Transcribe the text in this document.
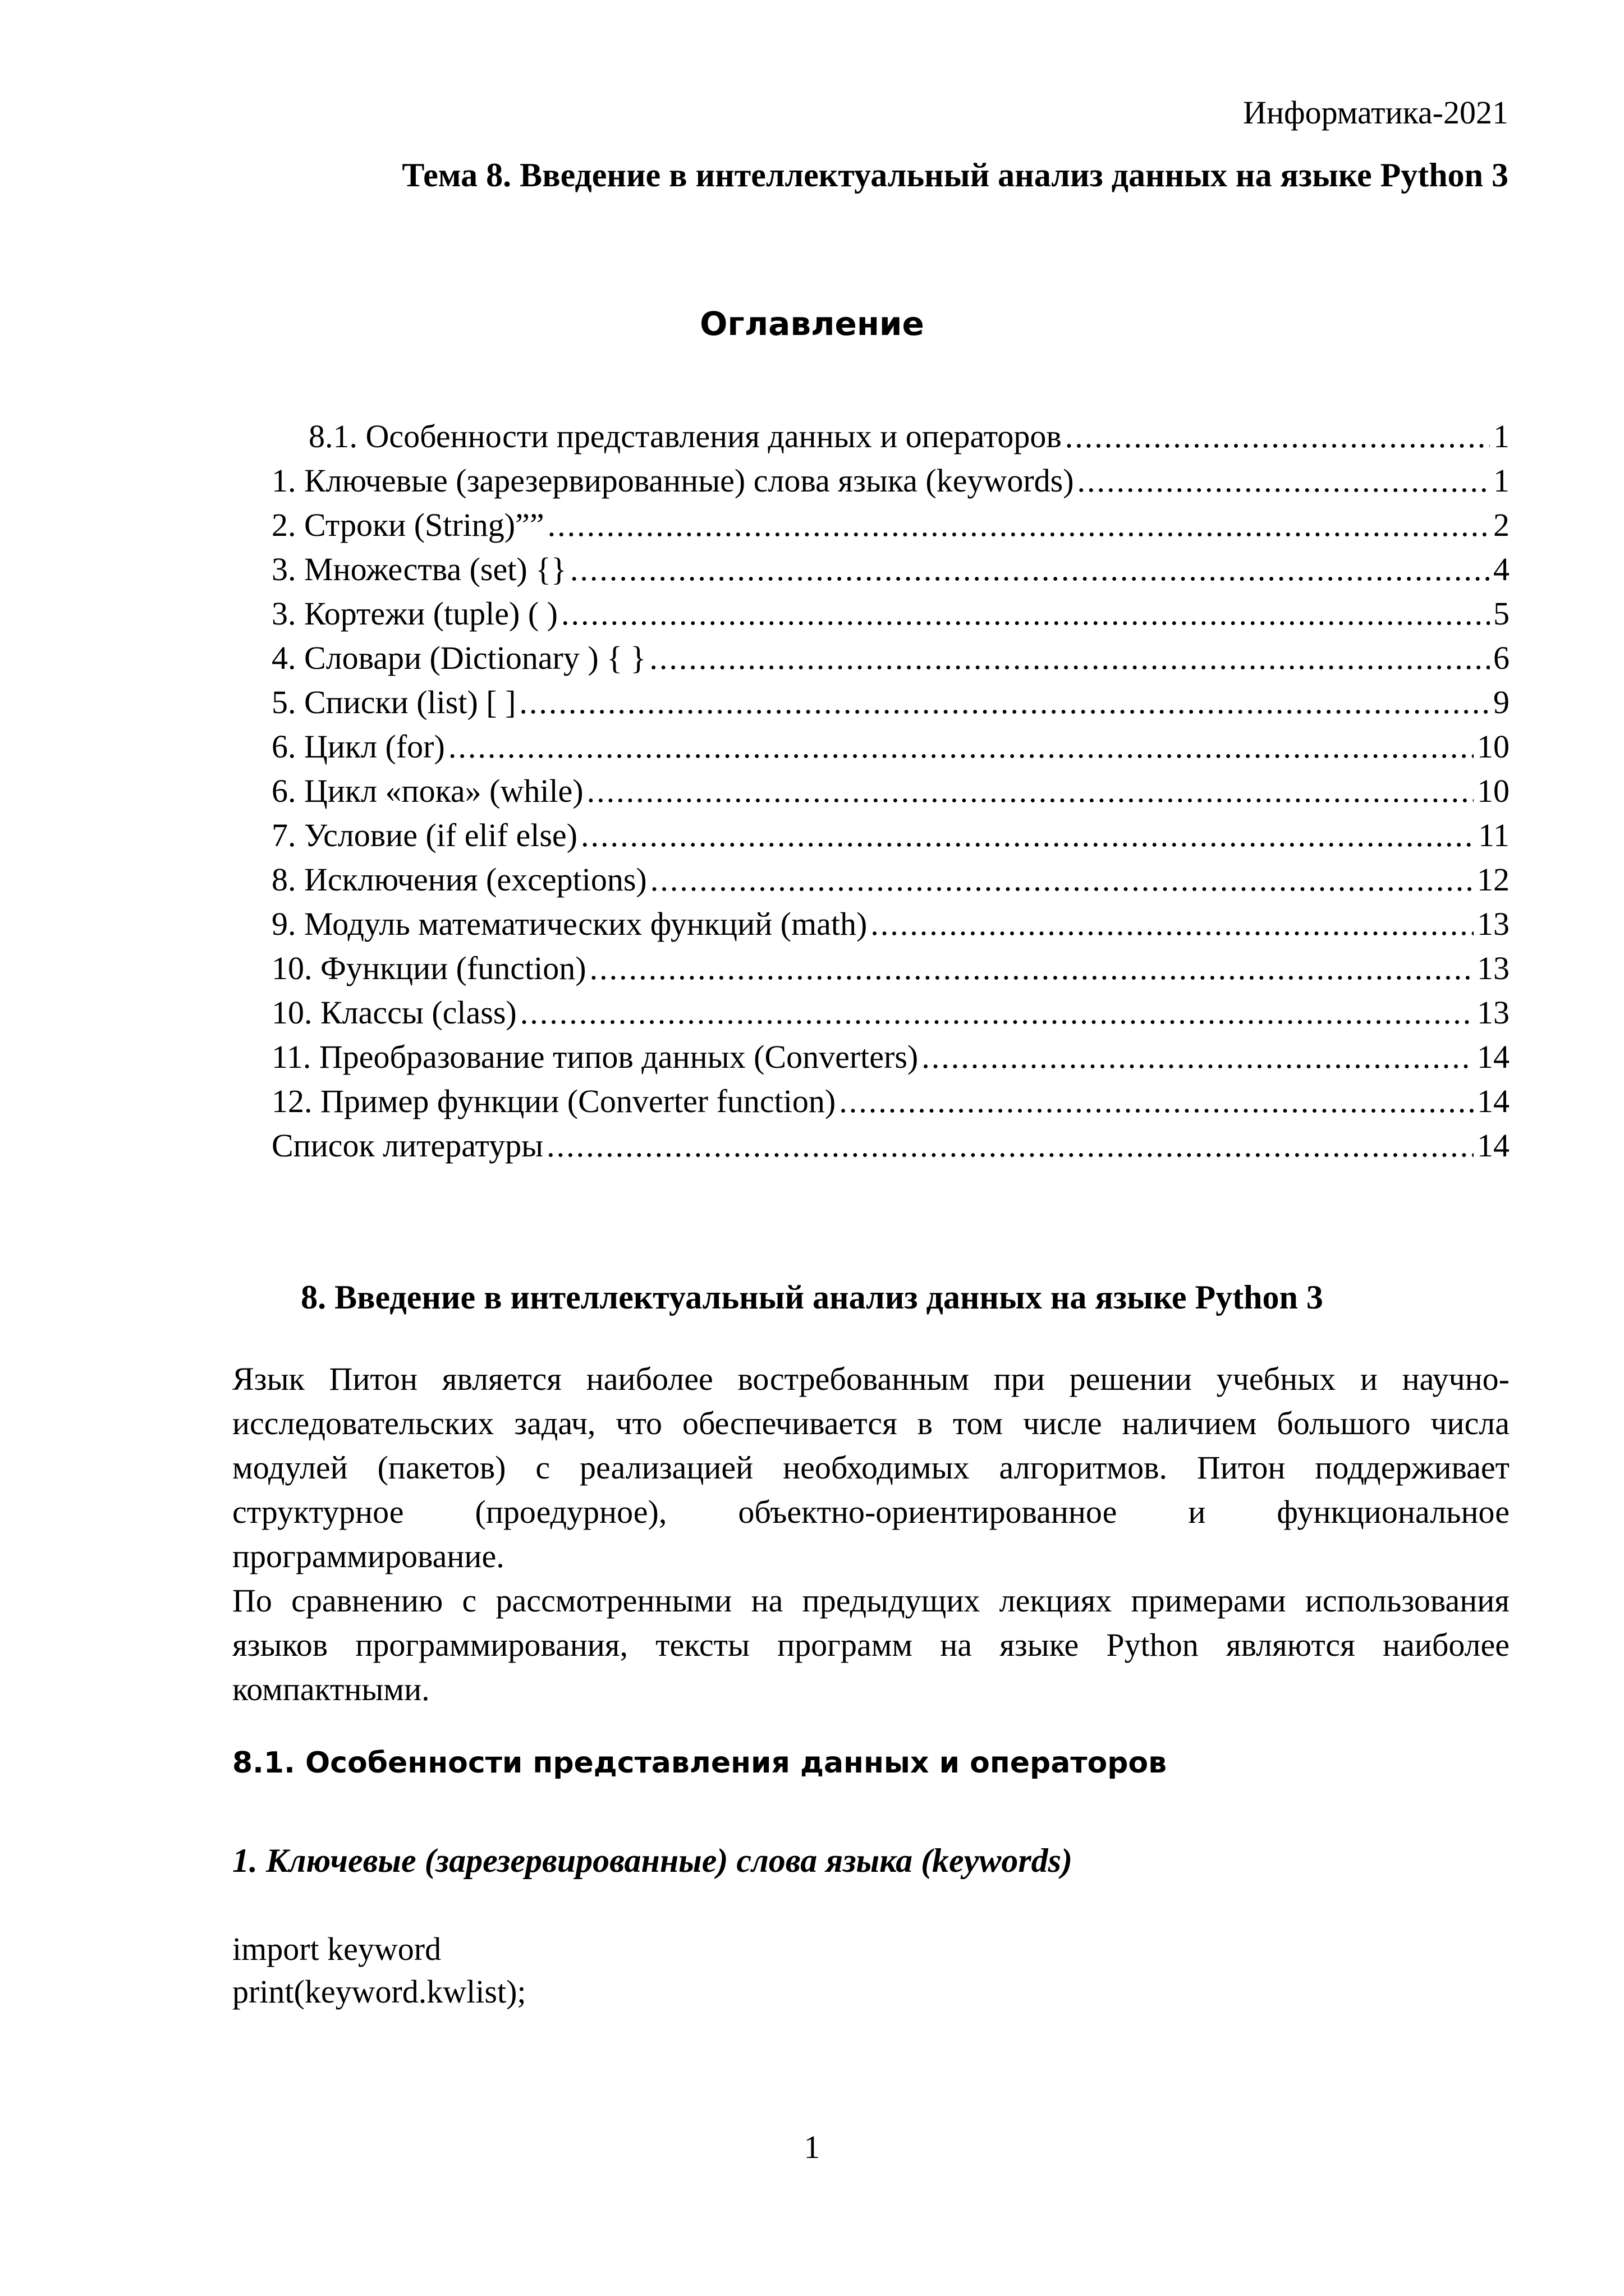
Информатика-2021
Тема 8. Введение в интеллектуальный анализ данных на языке Python 3
Оглавление
8.1. Особенности представления данных и операторов .....	1
1. Ключевые (зарезервированные) слова языка (keywords) .....	1
2. Строки (String)”” .....	2
3. Множества (set) {} .....	4
3. Кортежи (tuple) ( ) .....	5
4. Словари (Dictionary ) { } .....	6
5. Списки (list) [ ] .....	9
6. Цикл (for) .....	10
6. Цикл «пока» (while) .....	10
7. Условие (if elif else) .....	11
8. Исключения (exceptions) .....	12
9. Модуль математических функций (math) .....	13
10. Функции (function) .....	13
10. Классы (class) .....	13
11. Преобразование типов данных (Converters) .....	14
12. Пример функции (Converter function) .....	14
Список литературы .....	14
8. Введение в интеллектуальный анализ данных на языке Python 3

Язык Питон является наиболее востребованным при решении учебных и научно-исследовательских задач, что обеспечивается в том числе наличием большого числа модулей (пакетов) с реализацией необходимых алгоритмов. Питон поддерживает структурное (проедурное), объектно-ориентированное и функциональное программирование.

По сравнению с рассмотренными на предыдущих лекциях примерами использования языков программирования, тексты программ на языке Python являются наиболее компактными.

8.1. Особенности представления данных и операторов
1. Ключевые (зарезервированные) слова языка (keywords)
import keyword
print(keyword.kwlist);
1
